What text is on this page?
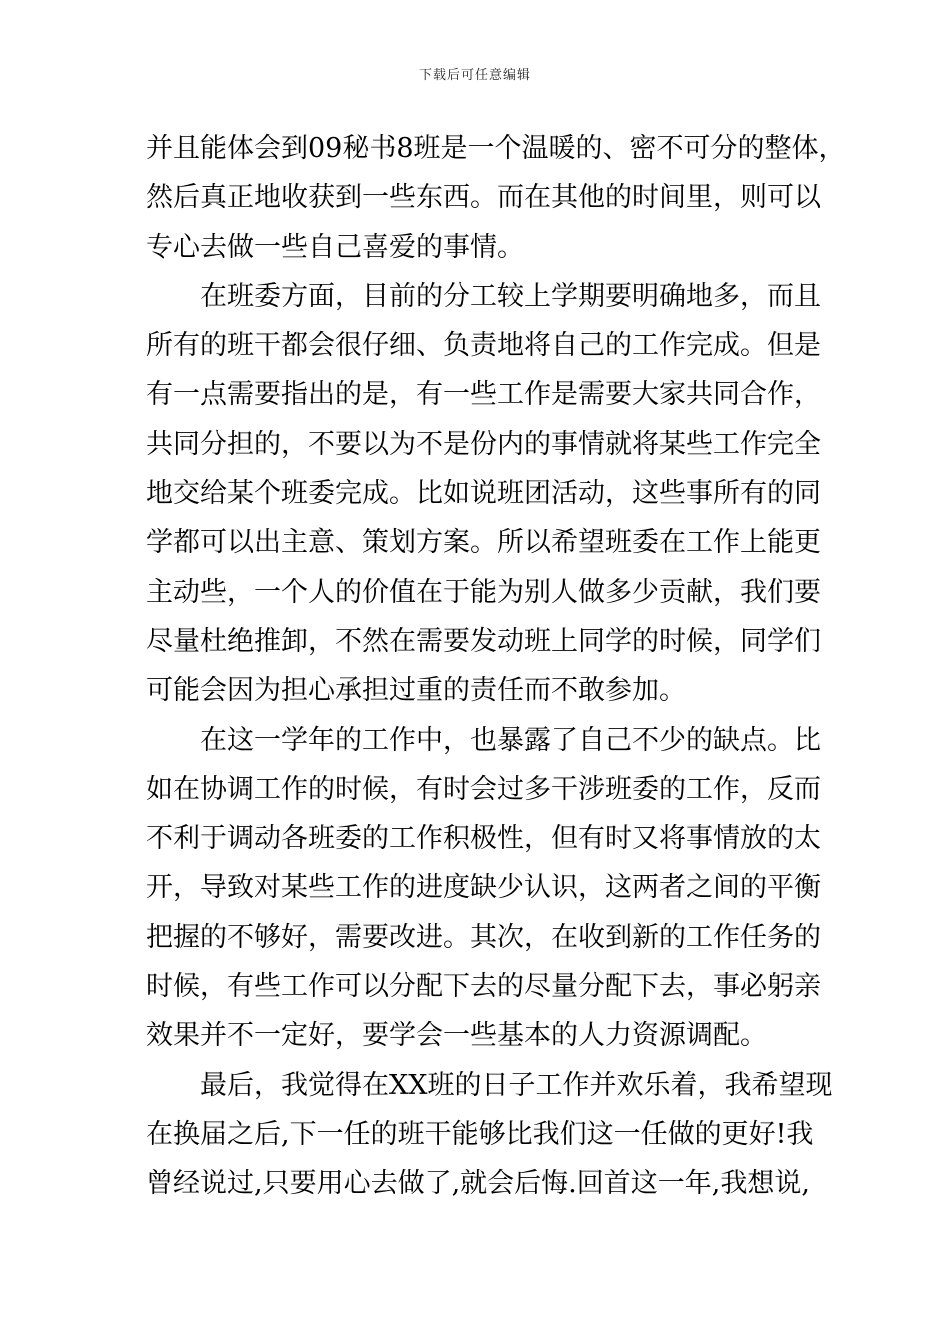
下载后可任意编辑
并且能体会到09秘书8班是一个温暖的、密不可分的整体，
然后真正地收获到一些东西。而在其他的时间里，则可以
专心去做一些自己喜爱的事情。
在班委方面，目前的分工较上学期要明确地多，而且
所有的班干都会很仔细、负责地将自己的工作完成。但是
有一点需要指出的是，有一些工作是需要大家共同合作，
共同分担的，不要以为不是份内的事情就将某些工作完全
地交给某个班委完成。比如说班团活动，这些事所有的同
学都可以出主意、策划方案。所以希望班委在工作上能更
主动些，一个人的价值在于能为别人做多少贡献，我们要
尽量杜绝推卸，不然在需要发动班上同学的时候，同学们
可能会因为担心承担过重的责任而不敢参加。
在这一学年的工作中，也暴露了自己不少的缺点。比
如在协调工作的时候，有时会过多干涉班委的工作，反而
不利于调动各班委的工作积极性，但有时又将事情放的太
开，导致对某些工作的进度缺少认识，这两者之间的平衡
把握的不够好，需要改进。其次，在收到新的工作任务的
时候，有些工作可以分配下去的尽量分配下去，事必躬亲
效果并不一定好，要学会一些基本的人力资源调配。
最后，我觉得在XX班的日子工作并欢乐着，我希望现
在换届之后,下一任的班干能够比我们这一任做的更好!我
曾经说过,只要用心去做了,就会后悔.回首这一年,我想说,
